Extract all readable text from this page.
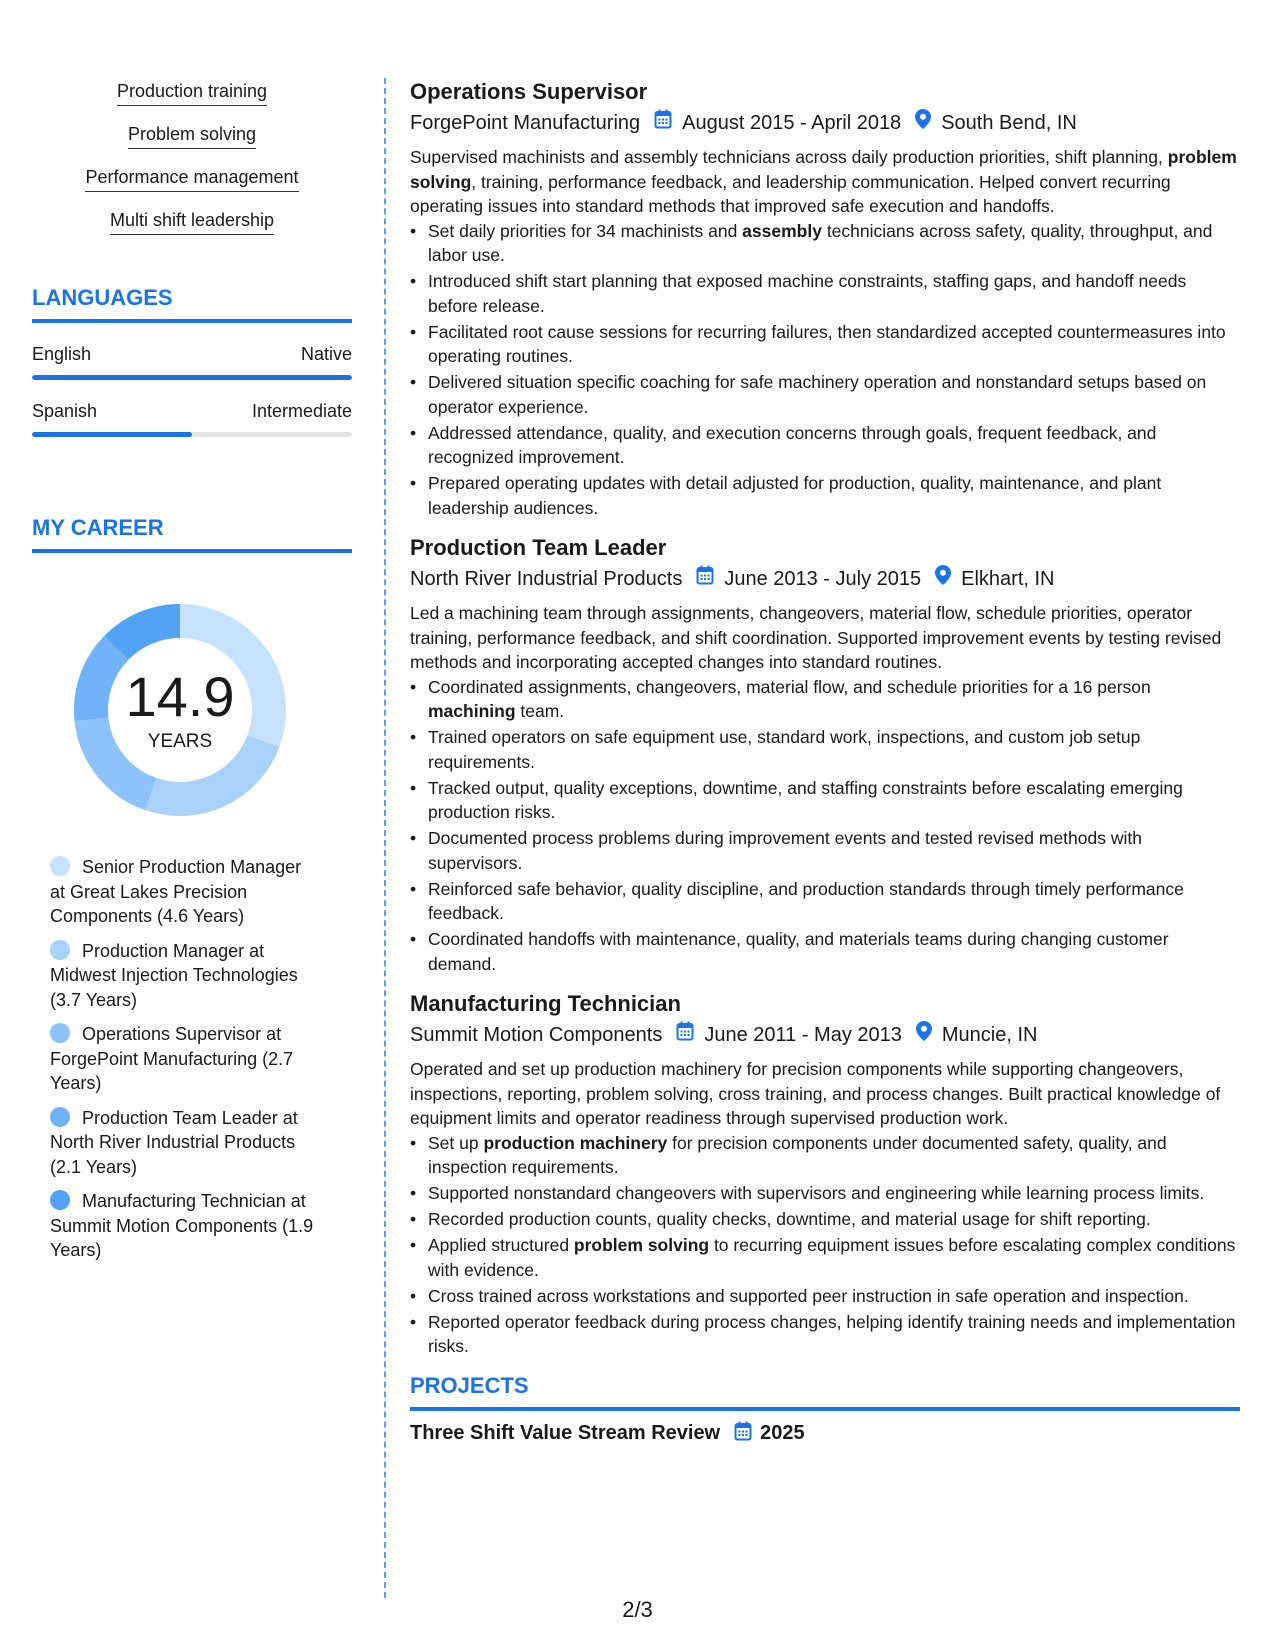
Production training
Problem solving
Performance management
Multi shift leadership
LANGUAGES
English	Native
Spanish	Intermediate
MY CAREER
14.9
YEARS
Senior Production Manager at Great Lakes Precision Components (4.6 Years)
Production Manager at Midwest Injection Technologies (3.7 Years)
Operations Supervisor at ForgePoint Manufacturing (2.7 Years)
Production Team Leader at North River Industrial Products (2.1 Years)
Manufacturing Technician at Summit Motion Components (1.9 Years)
Operations Supervisor
ForgePoint Manufacturing August 2015 - April 2018 South Bend, IN
Supervised machinists and assembly technicians across daily production priorities, shift planning, problem solving, training, performance feedback, and leadership communication. Helped convert recurring operating issues into standard methods that improved safe execution and handoffs.
• Set daily priorities for 34 machinists and assembly technicians across safety, quality, throughput, and labor use.
• Introduced shift start planning that exposed machine constraints, staffing gaps, and handoff needs before release.
• Facilitated root cause sessions for recurring failures, then standardized accepted countermeasures into operating routines.
• Delivered situation specific coaching for safe machinery operation and nonstandard setups based on operator experience.
• Addressed attendance, quality, and execution concerns through goals, frequent feedback, and recognized improvement.
• Prepared operating updates with detail adjusted for production, quality, maintenance, and plant leadership audiences.
Production Team Leader
North River Industrial Products June 2013 - July 2015 Elkhart, IN
Led a machining team through assignments, changeovers, material flow, schedule priorities, operator training, performance feedback, and shift coordination. Supported improvement events by testing revised methods and incorporating accepted changes into standard routines.
• Coordinated assignments, changeovers, material flow, and schedule priorities for a 16 person machining team.
• Trained operators on safe equipment use, standard work, inspections, and custom job setup requirements.
• Tracked output, quality exceptions, downtime, and staffing constraints before escalating emerging production risks.
• Documented process problems during improvement events and tested revised methods with supervisors.
• Reinforced safe behavior, quality discipline, and production standards through timely performance feedback.
• Coordinated handoffs with maintenance, quality, and materials teams during changing customer demand.
Manufacturing Technician
Summit Motion Components June 2011 - May 2013 Muncie, IN
Operated and set up production machinery for precision components while supporting changeovers, inspections, reporting, problem solving, cross training, and process changes. Built practical knowledge of equipment limits and operator readiness through supervised production work.
• Set up production machinery for precision components under documented safety, quality, and inspection requirements.
• Supported nonstandard changeovers with supervisors and engineering while learning process limits.
• Recorded production counts, quality checks, downtime, and material usage for shift reporting.
• Applied structured problem solving to recurring equipment issues before escalating complex conditions with evidence.
• Cross trained across workstations and supported peer instruction in safe operation and inspection.
• Reported operator feedback during process changes, helping identify training needs and implementation risks.
PROJECTS
Three Shift Value Stream Review 2025
2/3
